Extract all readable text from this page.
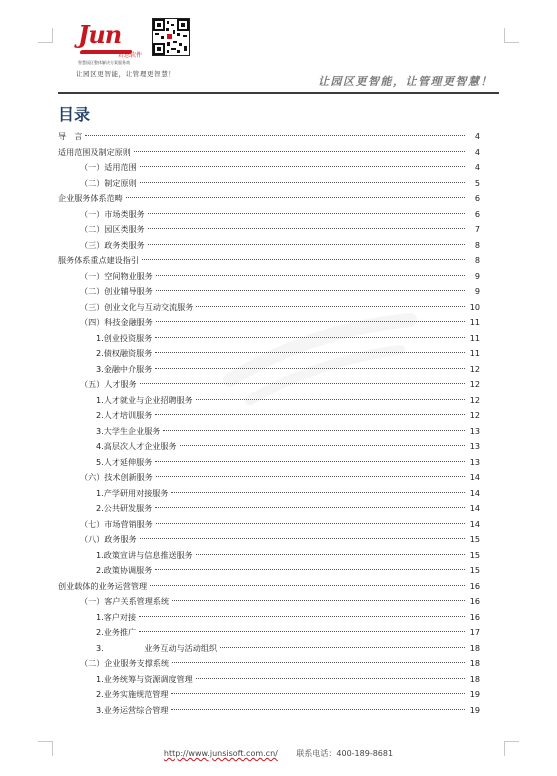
Jun
君思软件
智慧园区整体解决方案服务商
让园区更智能，让管理更智慧！
让园区更智能，让管理更智慧！
目录
导　言	4
适用范围及制定原则	4
（一）适用范围	4
（二）制定原则	5
企业服务体系范畴	6
（一）市场类服务	6
（二）园区类服务	7
（三）政务类服务	8
服务体系重点建设指引	8
（一）空间物业服务	9
（二）创业辅导服务	9
（三）创业文化与互动交流服务	10
（四）科技金融服务	11
1.创业投资服务	11
2.债权融资服务	11
3.金融中介服务	12
（五）人才服务	12
1.人才就业与企业招聘服务	12
2.人才培训服务	12
3.大学生企业服务	13
4.高层次人才企业服务	13
5.人才延伸服务	13
（六）技术创新服务	14
1.产学研用对接服务	14
2.公共研发服务	14
（七）市场营销服务	14
（八）政务服务	15
1.政策宣讲与信息推送服务	15
2.政策协调服务	15
创业载体的业务运营管理	16
（一）客户关系管理系统	16
1.客户对接	16
2.业务推广	17
3.　　　　　业务互动与活动组织	18
（二）企业服务支撑系统	18
1.业务统筹与资源调度管理	18
2.业务实施规范管理	19
3.业务运营综合管理	19
http://www.junsisoft.com.cn/ 联系电话：400-189-8681
